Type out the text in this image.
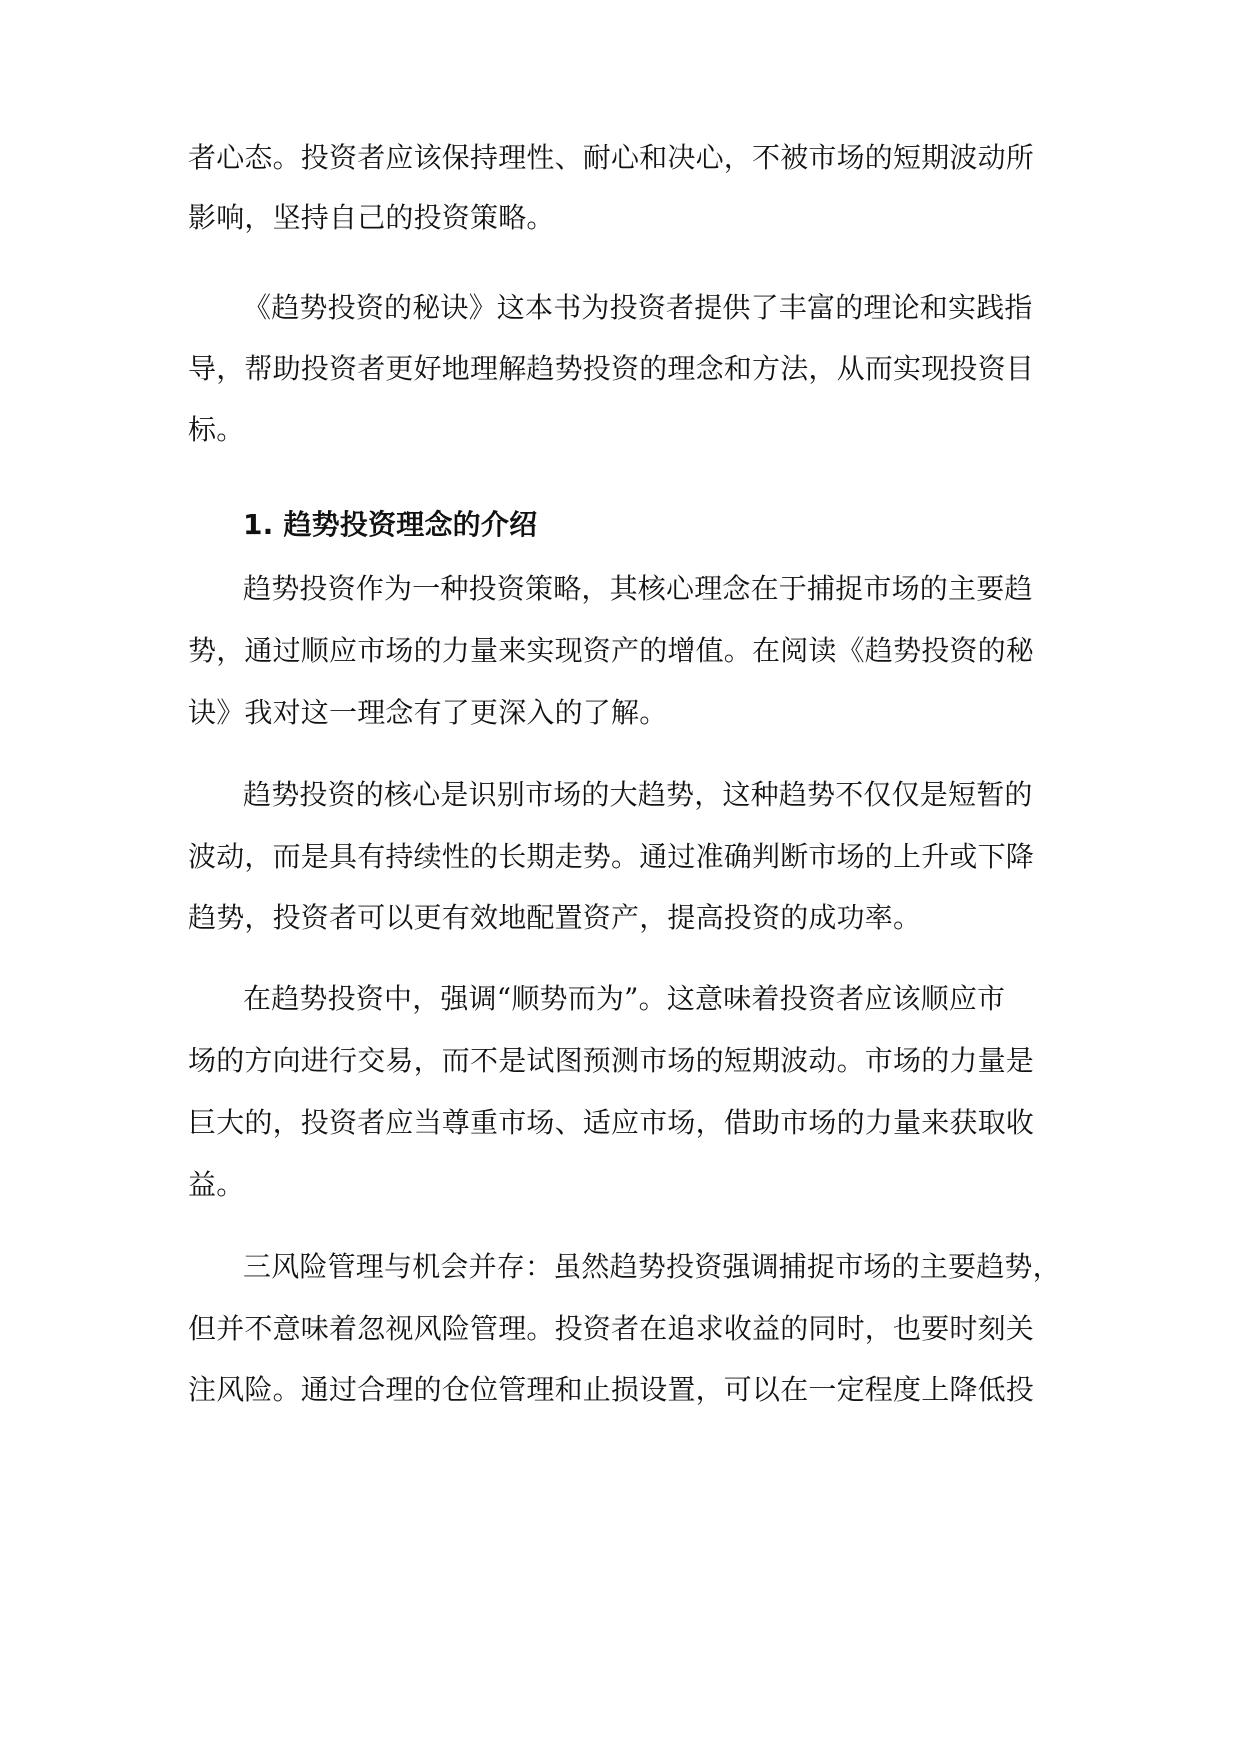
者心态。投资者应该保持理性、耐心和决心，不被市场的短期波动所
影响，坚持自己的投资策略。
《趋势投资的秘诀》这本书为投资者提供了丰富的理论和实践指
导，帮助投资者更好地理解趋势投资的理念和方法，从而实现投资目
标。
1. 趋势投资理念的介绍
趋势投资作为一种投资策略，其核心理念在于捕捉市场的主要趋
势，通过顺应市场的力量来实现资产的增值。在阅读《趋势投资的秘
诀》我对这一理念有了更深入的了解。
趋势投资的核心是识别市场的大趋势，这种趋势不仅仅是短暂的
波动，而是具有持续性的长期走势。通过准确判断市场的上升或下降
趋势，投资者可以更有效地配置资产，提高投资的成功率。
在趋势投资中，强调“顺势而为”。这意味着投资者应该顺应市
场的方向进行交易，而不是试图预测市场的短期波动。市场的力量是
巨大的，投资者应当尊重市场、适应市场，借助市场的力量来获取收
益。
三风险管理与机会并存：虽然趋势投资强调捕捉市场的主要趋势，
但并不意味着忽视风险管理。投资者在追求收益的同时，也要时刻关
注风险。通过合理的仓位管理和止损设置，可以在一定程度上降低投
